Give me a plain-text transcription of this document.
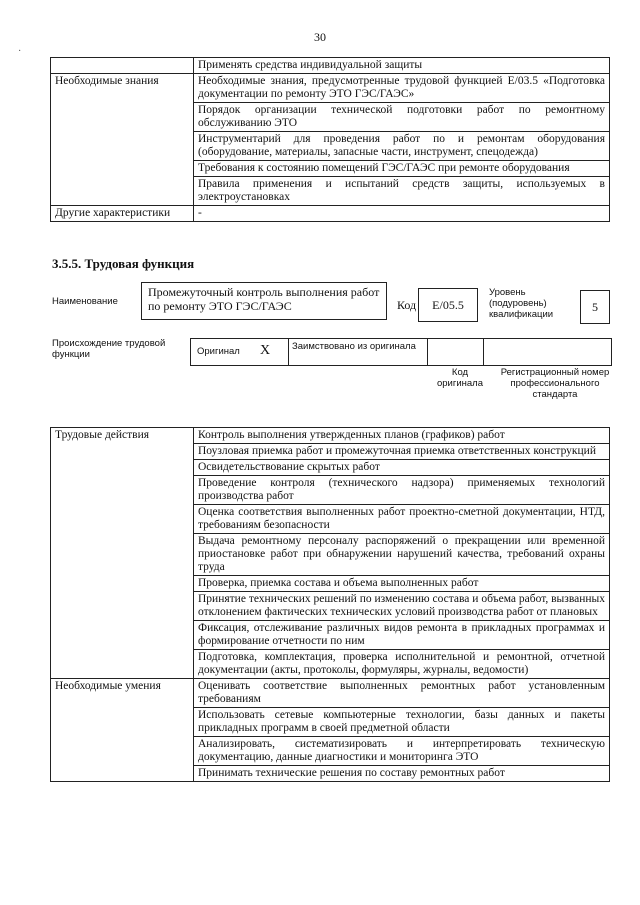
30
·
	Применять средства индивидуальной защиты
Необходимые знания	Необходимые знания, предусмотренные трудовой функцией E/03.5 «Подготовка документации по ремонту ЭТО ГЭС/ГАЭС»
	Порядок организации технической подготовки работ по ремонтному обслуживанию ЭТО
	Инструментарий для проведения работ по и ремонтам оборудования (оборудование, материалы, запасные части, инструмент, спецодежда)
	Требования к состоянию помещений ГЭС/ГАЭС при ремонте оборудования
	Правила применения и испытаний средств защиты, используемых в электроустановках
Другие характеристики	-
3.5.5. Трудовая функция
Наименование
Промежуточный контроль выполнения работ по ремонту ЭТО ГЭС/ГАЭС	Код	E/05.5
Уровень (подуровень) квалификации
5
Происхождение трудовой функции	Оригинал X Заимствовано из оригинала
Код оригинала
Регистрационный номер профессионального стандарта
Трудовые действия	Контроль выполнения утвержденных планов (графиков) работ
	Поузловая приемка работ и промежуточная приемка ответственных конструкций
	Освидетельствование скрытых работ
	Проведение контроля (технического надзора) применяемых технологий производства работ
	Оценка соответствия выполненных работ проектно-сметной документации, НТД, требованиям безопасности
	Выдача ремонтному персоналу распоряжений о прекращении или временной приостановке работ при обнаружении нарушений качества, требований охраны труда
	Проверка, приемка состава и объема выполненных работ
	Принятие технических решений по изменению состава и объема работ, вызванных отклонением фактических технических условий производства работ от плановых
	Фиксация, отслеживание различных видов ремонта в прикладных программах и формирование отчетности по ним
	Подготовка, комплектация, проверка исполнительной и ремонтной, отчетной документации (акты, протоколы, формуляры, журналы, ведомости)
Необходимые умения	Оценивать соответствие выполненных ремонтных работ установленным требованиям
	Использовать сетевые компьютерные технологии, базы данных и пакеты прикладных программ в своей предметной области
	Анализировать, систематизировать и интерпретировать техническую документацию, данные диагностики и мониторинга ЭТО
	Принимать технические решения по составу ремонтных работ
